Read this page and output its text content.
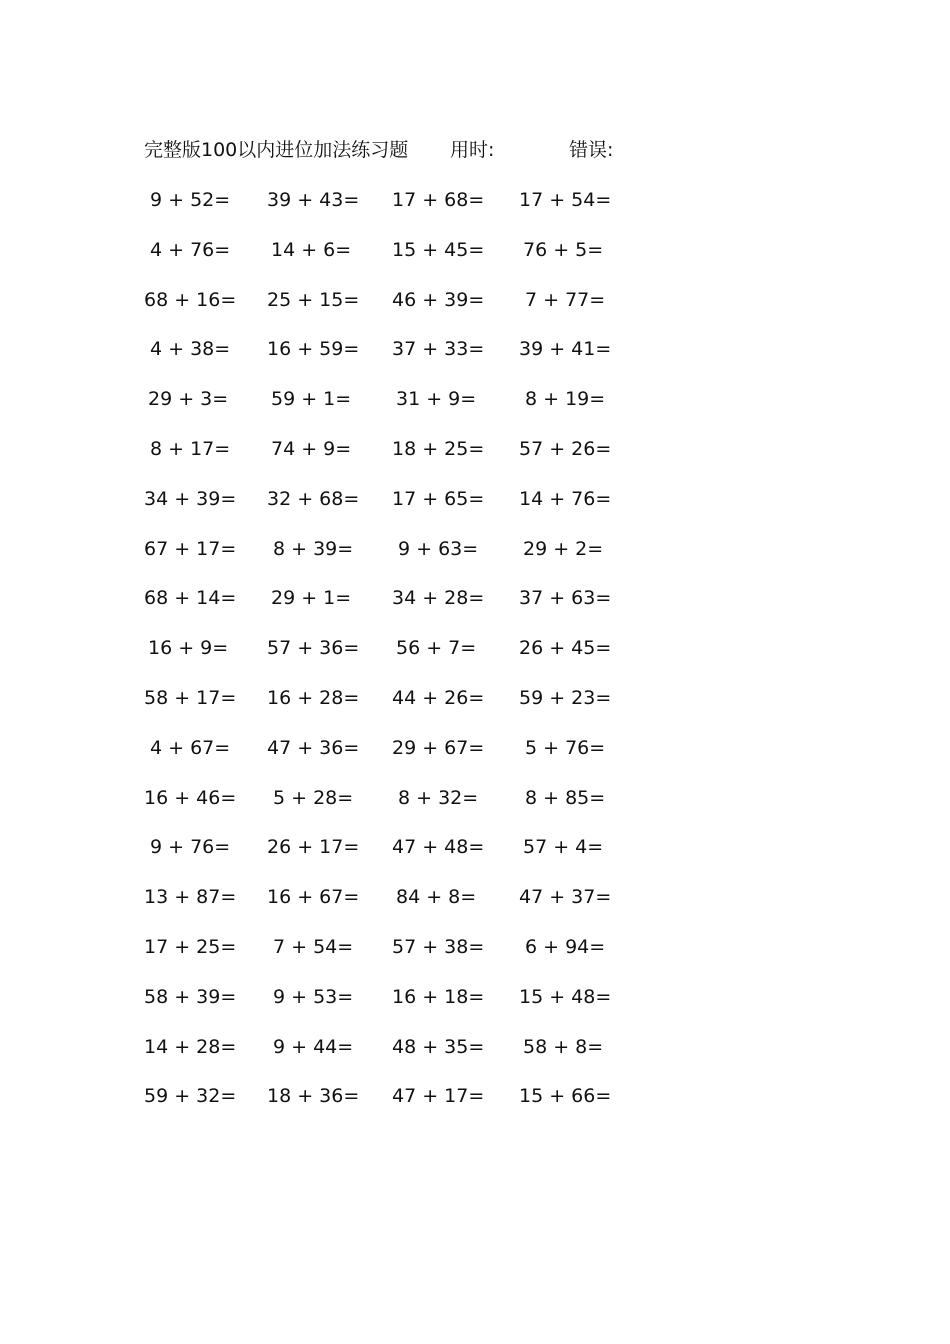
完整版100以内进位加法练习题 用时:	错误:
9 + 52= 39 + 43= 17 + 68= 17 + 54=
4 + 76= 14 + 6= 15 + 45= 76 + 5=
68 + 16= 25 + 15= 46 + 39= 7 + 77=
4 + 38= 16 + 59= 37 + 33= 39 + 41=
29 + 3= 59 + 1= 31 + 9=	8 + 19=
8 + 17= 74 + 9= 18 + 25= 57 + 26=
34 + 39= 32 + 68= 17 + 65= 14 + 76=
67 + 17= 8 + 39= 9 + 63= 29 + 2=
68 + 14= 29 + 1= 34 + 28= 37 + 63=
16 + 9= 57 + 36= 56 + 7= 26 + 45=
58 + 17= 16 + 28= 44 + 26= 59 + 23=
4 + 67= 47 + 36= 29 + 67= 5 + 76=
16 + 46= 5 + 28= 8 + 32= 8 + 85=
9 + 76= 26 + 17= 47 + 48= 57 + 4=
13 + 87= 16 + 67= 84 + 8= 47 + 37=
17 + 25= 7 + 54= 57 + 38= 6 + 94=
58 + 39= 9 + 53= 16 + 18= 15 + 48=
14 + 28= 9 + 44= 48 + 35= 58 + 8=
59 + 32= 18 + 36= 47 + 17= 15 + 66=
